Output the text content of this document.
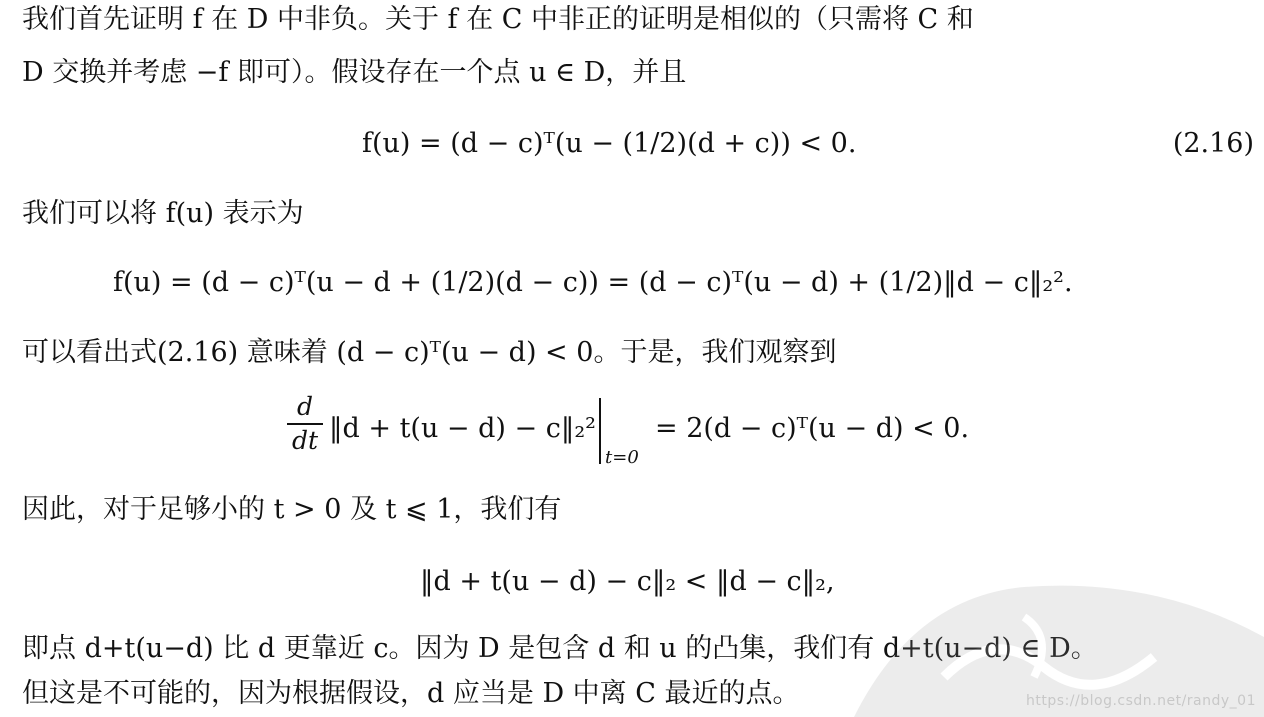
我们首先证明 f 在 D 中非负。关于 f 在 C 中非正的证明是相似的（只需将 C 和
D 交换并考虑 −f 即可）。假设存在一个点 u ∈ D，并且
f(u) = (d − c)ᵀ(u − (1/2)(d + c)) < 0.	(2.16)
我们可以将 f(u) 表示为
f(u) = (d − c)ᵀ(u − d + (1/2)(d − c)) = (d − c)ᵀ(u − d) + (1/2)‖d − c‖₂².
可以看出式(2.16) 意味着 (d − c)ᵀ(u − d) < 0。于是，我们观察到
d
dt ‖d + t(u − d) − c‖₂²
t=0
= 2(d − c)ᵀ(u − d) < 0.
因此，对于足够小的 t > 0 及 t ⩽ 1，我们有
‖d + t(u − d) − c‖₂ < ‖d − c‖₂,
即点 d+t(u−d) 比 d 更靠近 c。因为 D 是包含 d 和 u 的凸集，我们有 d+t(u−d) ∈ D。
但这是不可能的，因为根据假设，d 应当是 D 中离 C 最近的点。	https://blog.csdn.net/randy_01
